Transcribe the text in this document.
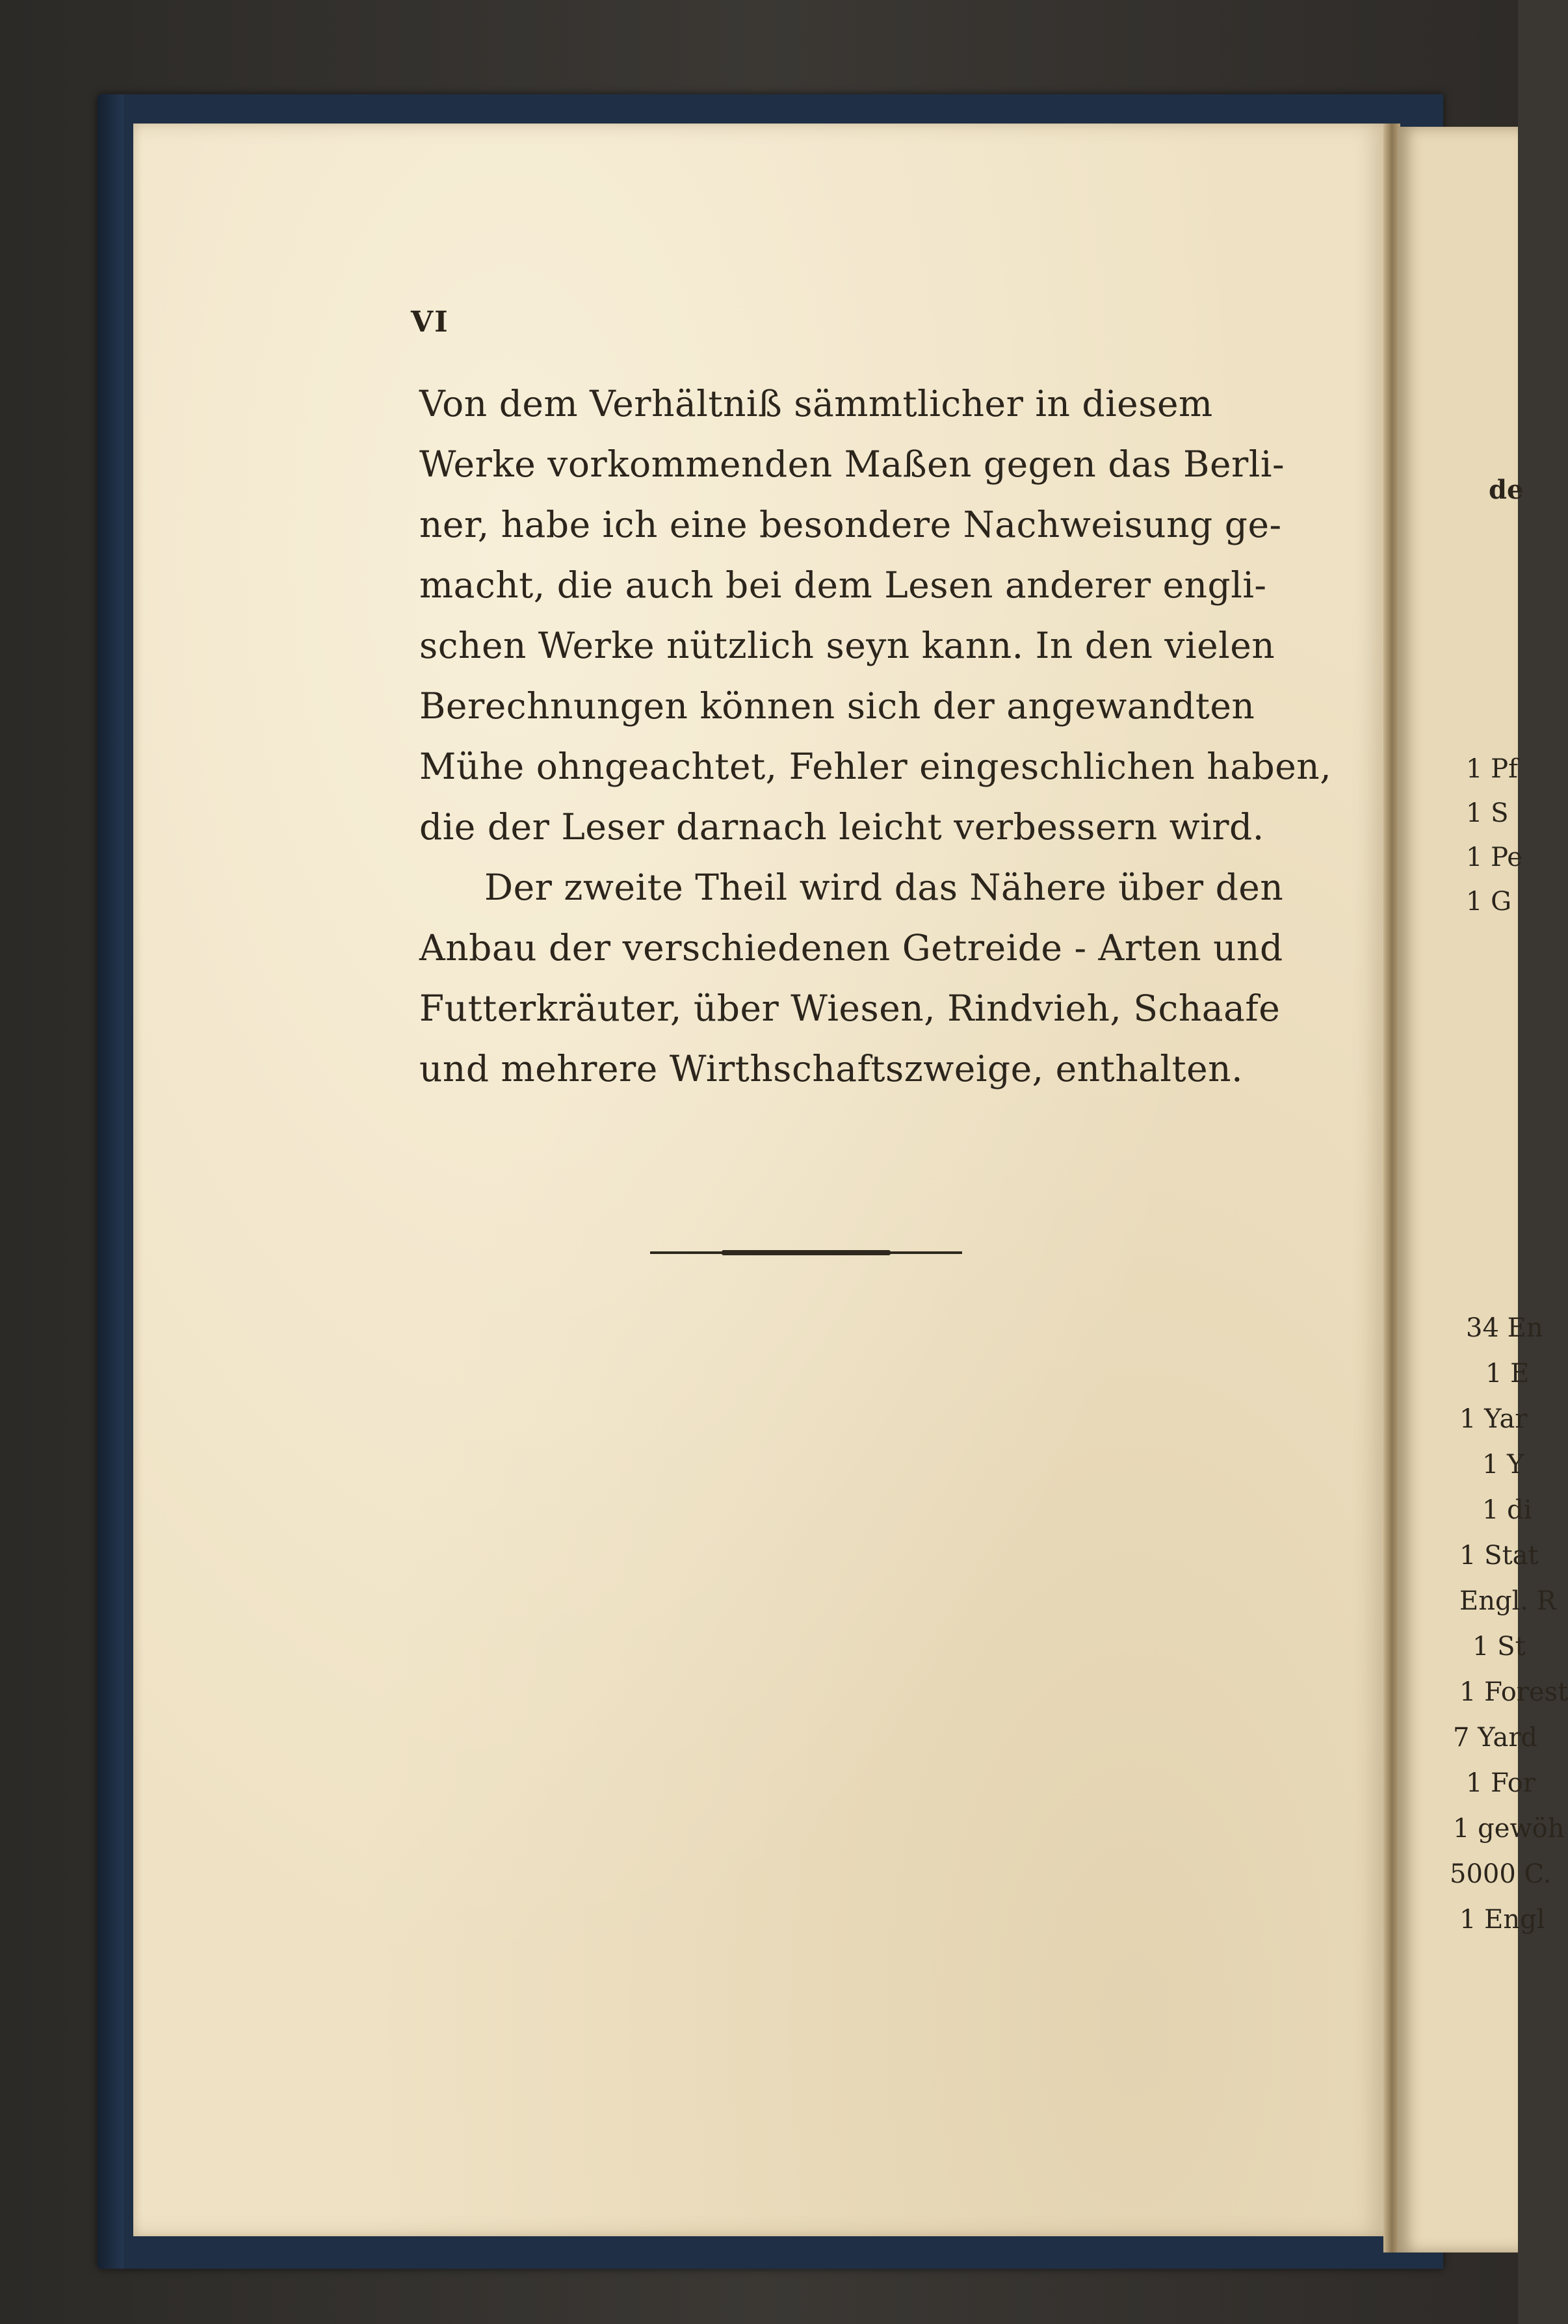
VI
Von dem Verhältniß sämmtlicher in diesem
Werke vorkommenden Maßen gegen das Berli-
ner, habe ich eine besondere Nachweisung ge-
macht, die auch bei dem Lesen anderer engli-
schen Werke nützlich seyn kann. In den vielen
Berechnungen können sich der angewandten
Mühe ohngeachtet, Fehler eingeschlichen haben,
die der Leser darnach leicht verbessern wird.
Der zweite Theil wird das Nähere über den
Anbau der verschiedenen Getreide - Arten und
Futterkräuter, über Wiesen, Rindvieh, Schaafe
und mehrere Wirthschaftszweige, enthalten.
de
1 Pf
1 S
1 Pe
1 G
34 En
1 E
1 Yar
1 Y
1 di
1 Stat
Engl. R
1 St
1 Forest
7 Yard
1 For
1 gewöh
5000 C.
1 Engl
